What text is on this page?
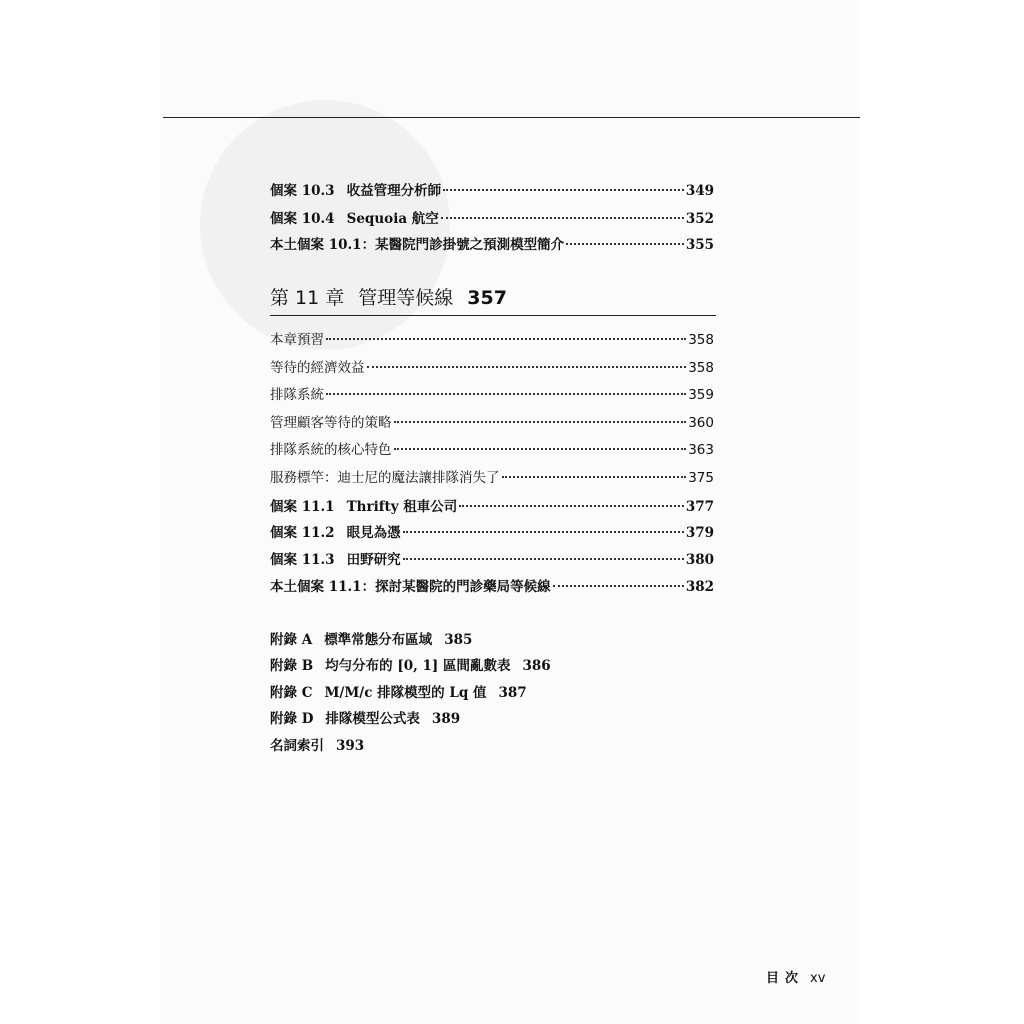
個案 10.3 收益管理分析師	349
個案 10.4 Sequoia 航空	352
本土個案 10.1：某醫院門診掛號之預測模型簡介	355
第 11 章 管理等候線 357
本章預習	358
等待的經濟效益	358
排隊系統	359
管理顧客等待的策略	360
排隊系統的核心特色	363
服務標竿：迪士尼的魔法讓排隊消失了	375
個案 11.1 Thrifty 租車公司	377
個案 11.2 眼見為憑	379
個案 11.3 田野研究	380
本土個案 11.1：探討某醫院的門診藥局等候線	382
附錄 A 標準常態分布區域 385
附錄 B 均勻分布的 [0, 1] 區間亂數表 386
附錄 C M/M/c 排隊模型的 Lq 值 387
附錄 D 排隊模型公式表 389
名詞索引 393
目次 xv
